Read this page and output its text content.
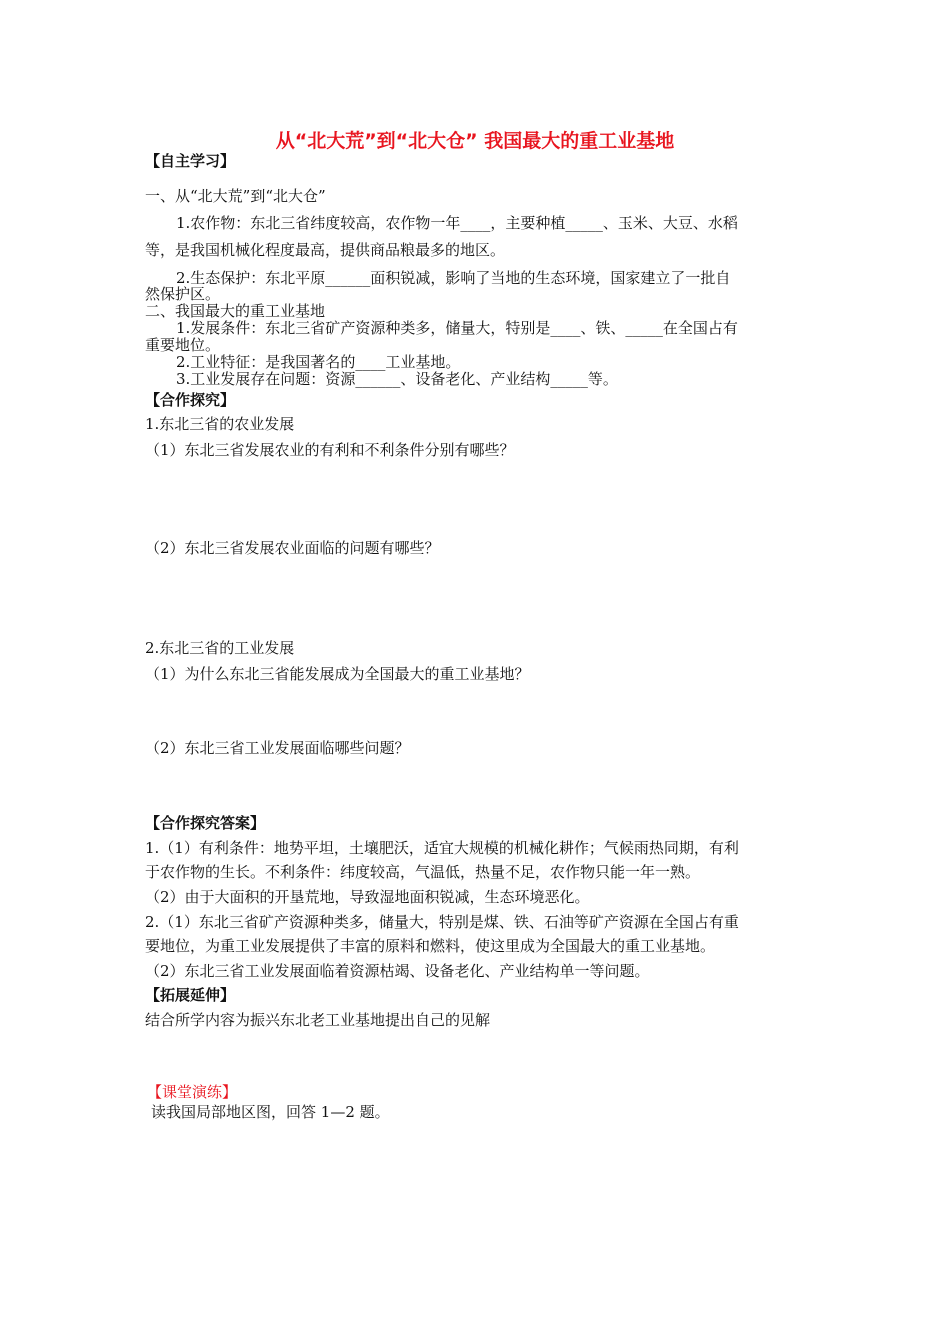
从“北大荒”到“北大仓” 我国最大的重工业基地
【自主学习】
一、从“北大荒”到“北大仓”
1.农作物：东北三省纬度较高，农作物一年____，主要种植_____、玉米、大豆、水稻
等，是我国机械化程度最高，提供商品粮最多的地区。
2.生态保护：东北平原______面积锐减，影响了当地的生态环境，国家建立了一批自
然保护区。
二、我国最大的重工业基地
1.发展条件：东北三省矿产资源种类多，储量大，特别是____、铁、_____在全国占有
重要地位。
2.工业特征：是我国著名的____工业基地。
3.工业发展存在问题：资源______、设备老化、产业结构_____等。
【合作探究】
1.东北三省的农业发展
（1）东北三省发展农业的有利和不利条件分别有哪些？
（2）东北三省发展农业面临的问题有哪些？
2.东北三省的工业发展
（1）为什么东北三省能发展成为全国最大的重工业基地？
（2）东北三省工业发展面临哪些问题？
【合作探究答案】
1.（1）有利条件：地势平坦，土壤肥沃，适宜大规模的机械化耕作；气候雨热同期，有利
于农作物的生长。不利条件：纬度较高，气温低，热量不足，农作物只能一年一熟。
（2）由于大面积的开垦荒地，导致湿地面积锐减，生态环境恶化。
2.（1）东北三省矿产资源种类多，储量大，特别是煤、铁、石油等矿产资源在全国占有重
要地位，为重工业发展提供了丰富的原料和燃料，使这里成为全国最大的重工业基地。
（2）东北三省工业发展面临着资源枯竭、设备老化、产业结构单一等问题。
【拓展延伸】
结合所学内容为振兴东北老工业基地提出自己的见解
【课堂演练】
读我国局部地区图，回答 1—2 题。
